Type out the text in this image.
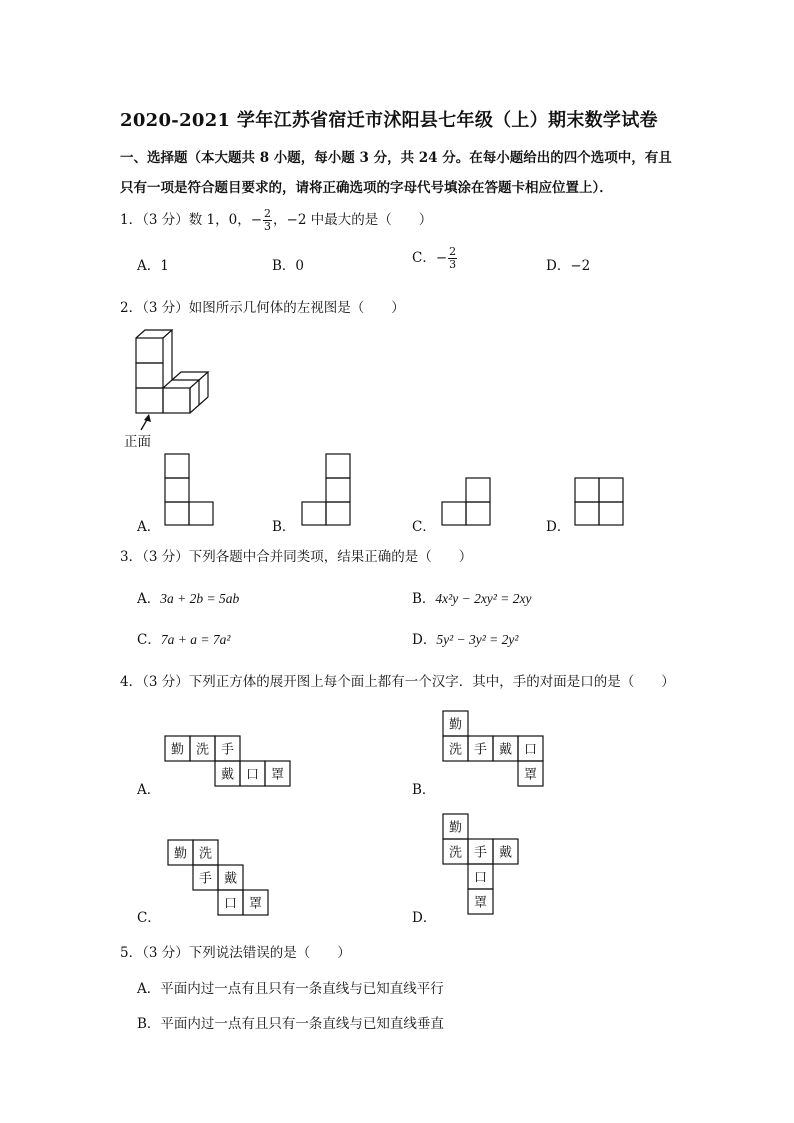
2020-2021 学年江苏省宿迁市沭阳县七年级（上）期末数学试卷
一、选择题（本大题共 8 小题，每小题 3 分，共 24 分。在每小题给出的四个选项中，有且
只有一项是符合题目要求的，请将正确选项的字母代号填涂在答题卡相应位置上）．
1．（3 分）数 1，0，− $\frac{2}{3}$ ，−2 中最大的是（　　）
A．1	B．0	C．− $\frac{2}{3}$	D．−2
2．（3 分）如图所示几何体的左视图是（　　）
正面
A．	B．	C．	D．
3．（3 分）下列各题中合并同类项，结果正确的是（　　）
A．3a + 2b = 5ab	B．4x²y − 2xy² = 2xy
C．7a + a = 7a²	D．5y² − 3y² = 2y²
4．（3 分）下列正方体的展开图上每个面上都有一个汉字．其中，手的对面是口的是（　　）
勤 洗 手
戴 口 罩
勤
洗 手 戴 口
罩
勤 洗
手 戴
口 罩
勤
洗 手 戴
口
罩
A．	B．
C．	D．
5．（3 分）下列说法错误的是（　　）
A．平面内过一点有且只有一条直线与已知直线平行
B．平面内过一点有且只有一条直线与已知直线垂直
